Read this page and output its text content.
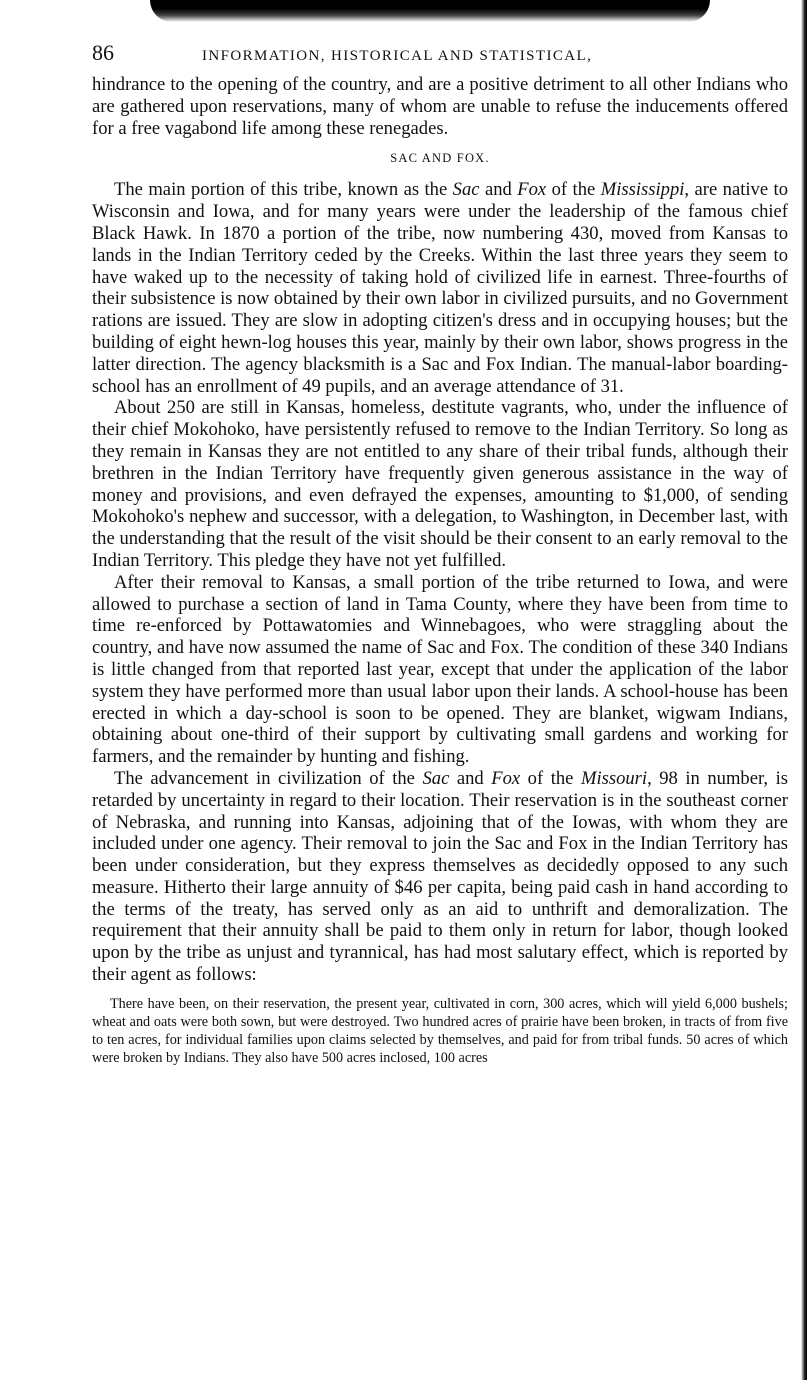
86	INFORMATION, HISTORICAL AND STATISTICAL,

hindrance to the opening of the country, and are a positive detriment to all other Indians who are gathered upon reservations, many of whom are unable to refuse the inducements offered for a free vagabond life among these renegades.

SAC AND FOX.

The main portion of this tribe, known as the Sac and Fox of the Mississippi, are native to Wisconsin and Iowa, and for many years were under the leadership of the famous chief Black Hawk. In 1870 a portion of the tribe, now numbering 430, moved from Kansas to lands in the Indian Territory ceded by the Creeks. Within the last three years they seem to have waked up to the necessity of taking hold of civilized life in earnest. Three-fourths of their subsistence is now obtained by their own labor in civilized pursuits, and no Government rations are issued. They are slow in adopting citizen's dress and in occupying houses; but the building of eight hewn-log houses this year, mainly by their own labor, shows progress in the latter direction. The agency blacksmith is a Sac and Fox Indian. The manual-labor boarding-school has an enrollment of 49 pupils, and an average attendance of 31.

About 250 are still in Kansas, homeless, destitute vagrants, who, under the influence of their chief Mokohoko, have persistently refused to remove to the Indian Territory. So long as they remain in Kansas they are not entitled to any share of their tribal funds, although their brethren in the Indian Territory have frequently given generous assistance in the way of money and provisions, and even defrayed the expenses, amounting to $1,000, of sending Mokohoko's nephew and successor, with a delegation, to Washington, in December last, with the understanding that the result of the visit should be their consent to an early removal to the Indian Territory. This pledge they have not yet fulfilled.

After their removal to Kansas, a small portion of the tribe returned to Iowa, and were allowed to purchase a section of land in Tama County, where they have been from time to time re-enforced by Pottawatomies and Winnebagoes, who were straggling about the country, and have now assumed the name of Sac and Fox. The condition of these 340 Indians is little changed from that reported last year, except that under the application of the labor system they have performed more than usual labor upon their lands. A school-house has been erected in which a day-school is soon to be opened. They are blanket, wigwam Indians, obtaining about one-third of their support by cultivating small gardens and working for farmers, and the remainder by hunting and fishing.

The advancement in civilization of the Sac and Fox of the Missouri, 98 in number, is retarded by uncertainty in regard to their location. Their reservation is in the southeast corner of Nebraska, and running into Kansas, adjoining that of the Iowas, with whom they are included under one agency. Their removal to join the Sac and Fox in the Indian Territory has been under consideration, but they express themselves as decidedly opposed to any such measure. Hitherto their large annuity of $46 per capita, being paid cash in hand according to the terms of the treaty, has served only as an aid to unthrift and demoralization. The requirement that their annuity shall be paid to them only in return for labor, though looked upon by the tribe as unjust and tyrannical, has had most salutary effect, which is reported by their agent as follows:

There have been, on their reservation, the present year, cultivated in corn, 300 acres, which will yield 6,000 bushels; wheat and oats were both sown, but were destroyed. Two hundred acres of prairie have been broken, in tracts of from five to ten acres, for individual families upon claims selected by themselves, and paid for from tribal funds. 50 acres of which were broken by Indians. They also have 500 acres inclosed, 100 acres
